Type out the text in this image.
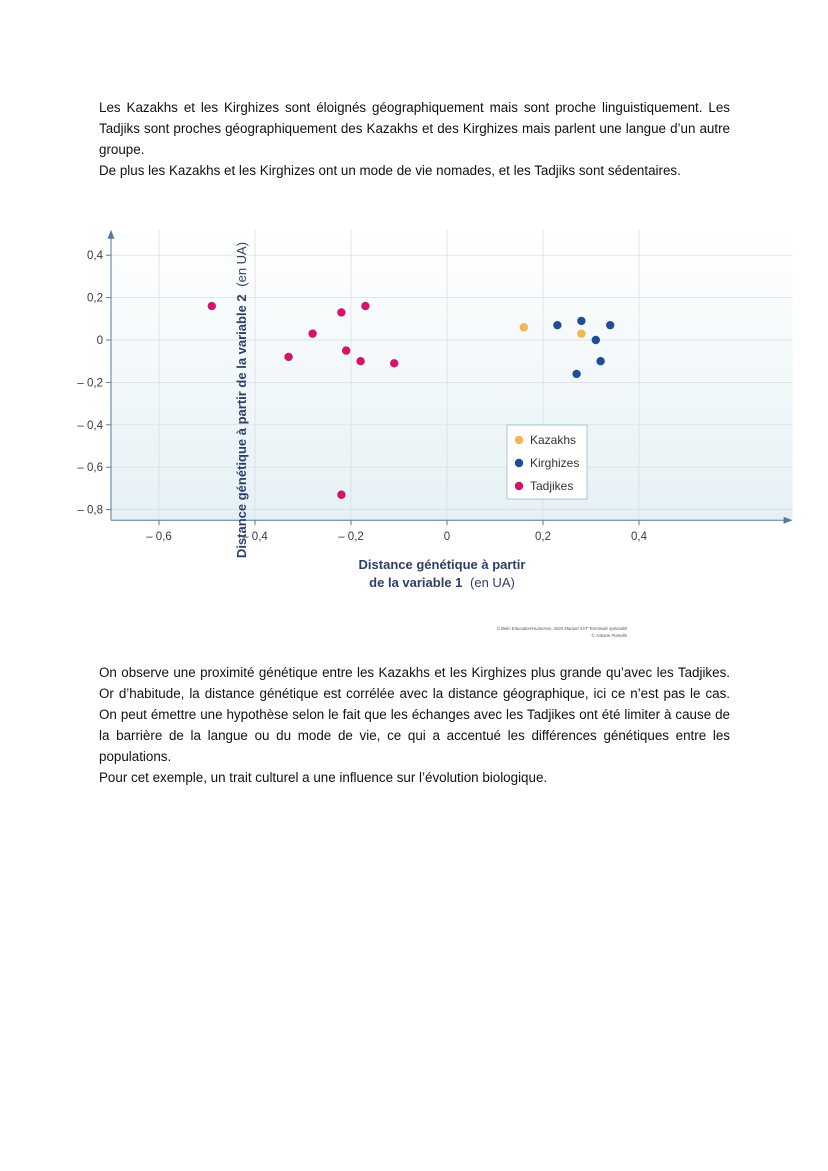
Les Kazakhs et les Kirghizes sont éloignés géographiquement mais sont proche linguistiquement. Les Tadjiks sont proches géographiquement des Kazakhs et des Kirghizes mais parlent une langue d’un autre groupe.

De plus les Kazakhs et les Kirghizes ont un mode de vie nomades, et les Tadjiks sont sédentaires.

0,4
0,2
0
– 0,2
– 0,4
– 0,6
– 0,8
– 0,6	– 0,4	– 0,2	0	0,2	0,4
Kazakhs
Kirghizes
Tadjikes
Distance génétique à partir de la variable 2 (en UA)
Distance génétique à partir
de la variable 1 (en UA)
© Belin Education/Humensis, 2020 Manuel SVT Terminale spécialité
© Antoine Pomella

On observe une proximité génétique entre les Kazakhs et les Kirghizes plus grande qu’avec les Tadjikes. Or d’habitude, la distance génétique est corrélée avec la distance géographique, ici ce n’est pas le cas. On peut émettre une hypothèse selon le fait que les échanges avec les Tadjikes ont été limiter à cause de la barrière de la langue ou du mode de vie, ce qui a accentué les différences génétiques entre les populations.

Pour cet exemple, un trait culturel a une influence sur l’évolution biologique.
